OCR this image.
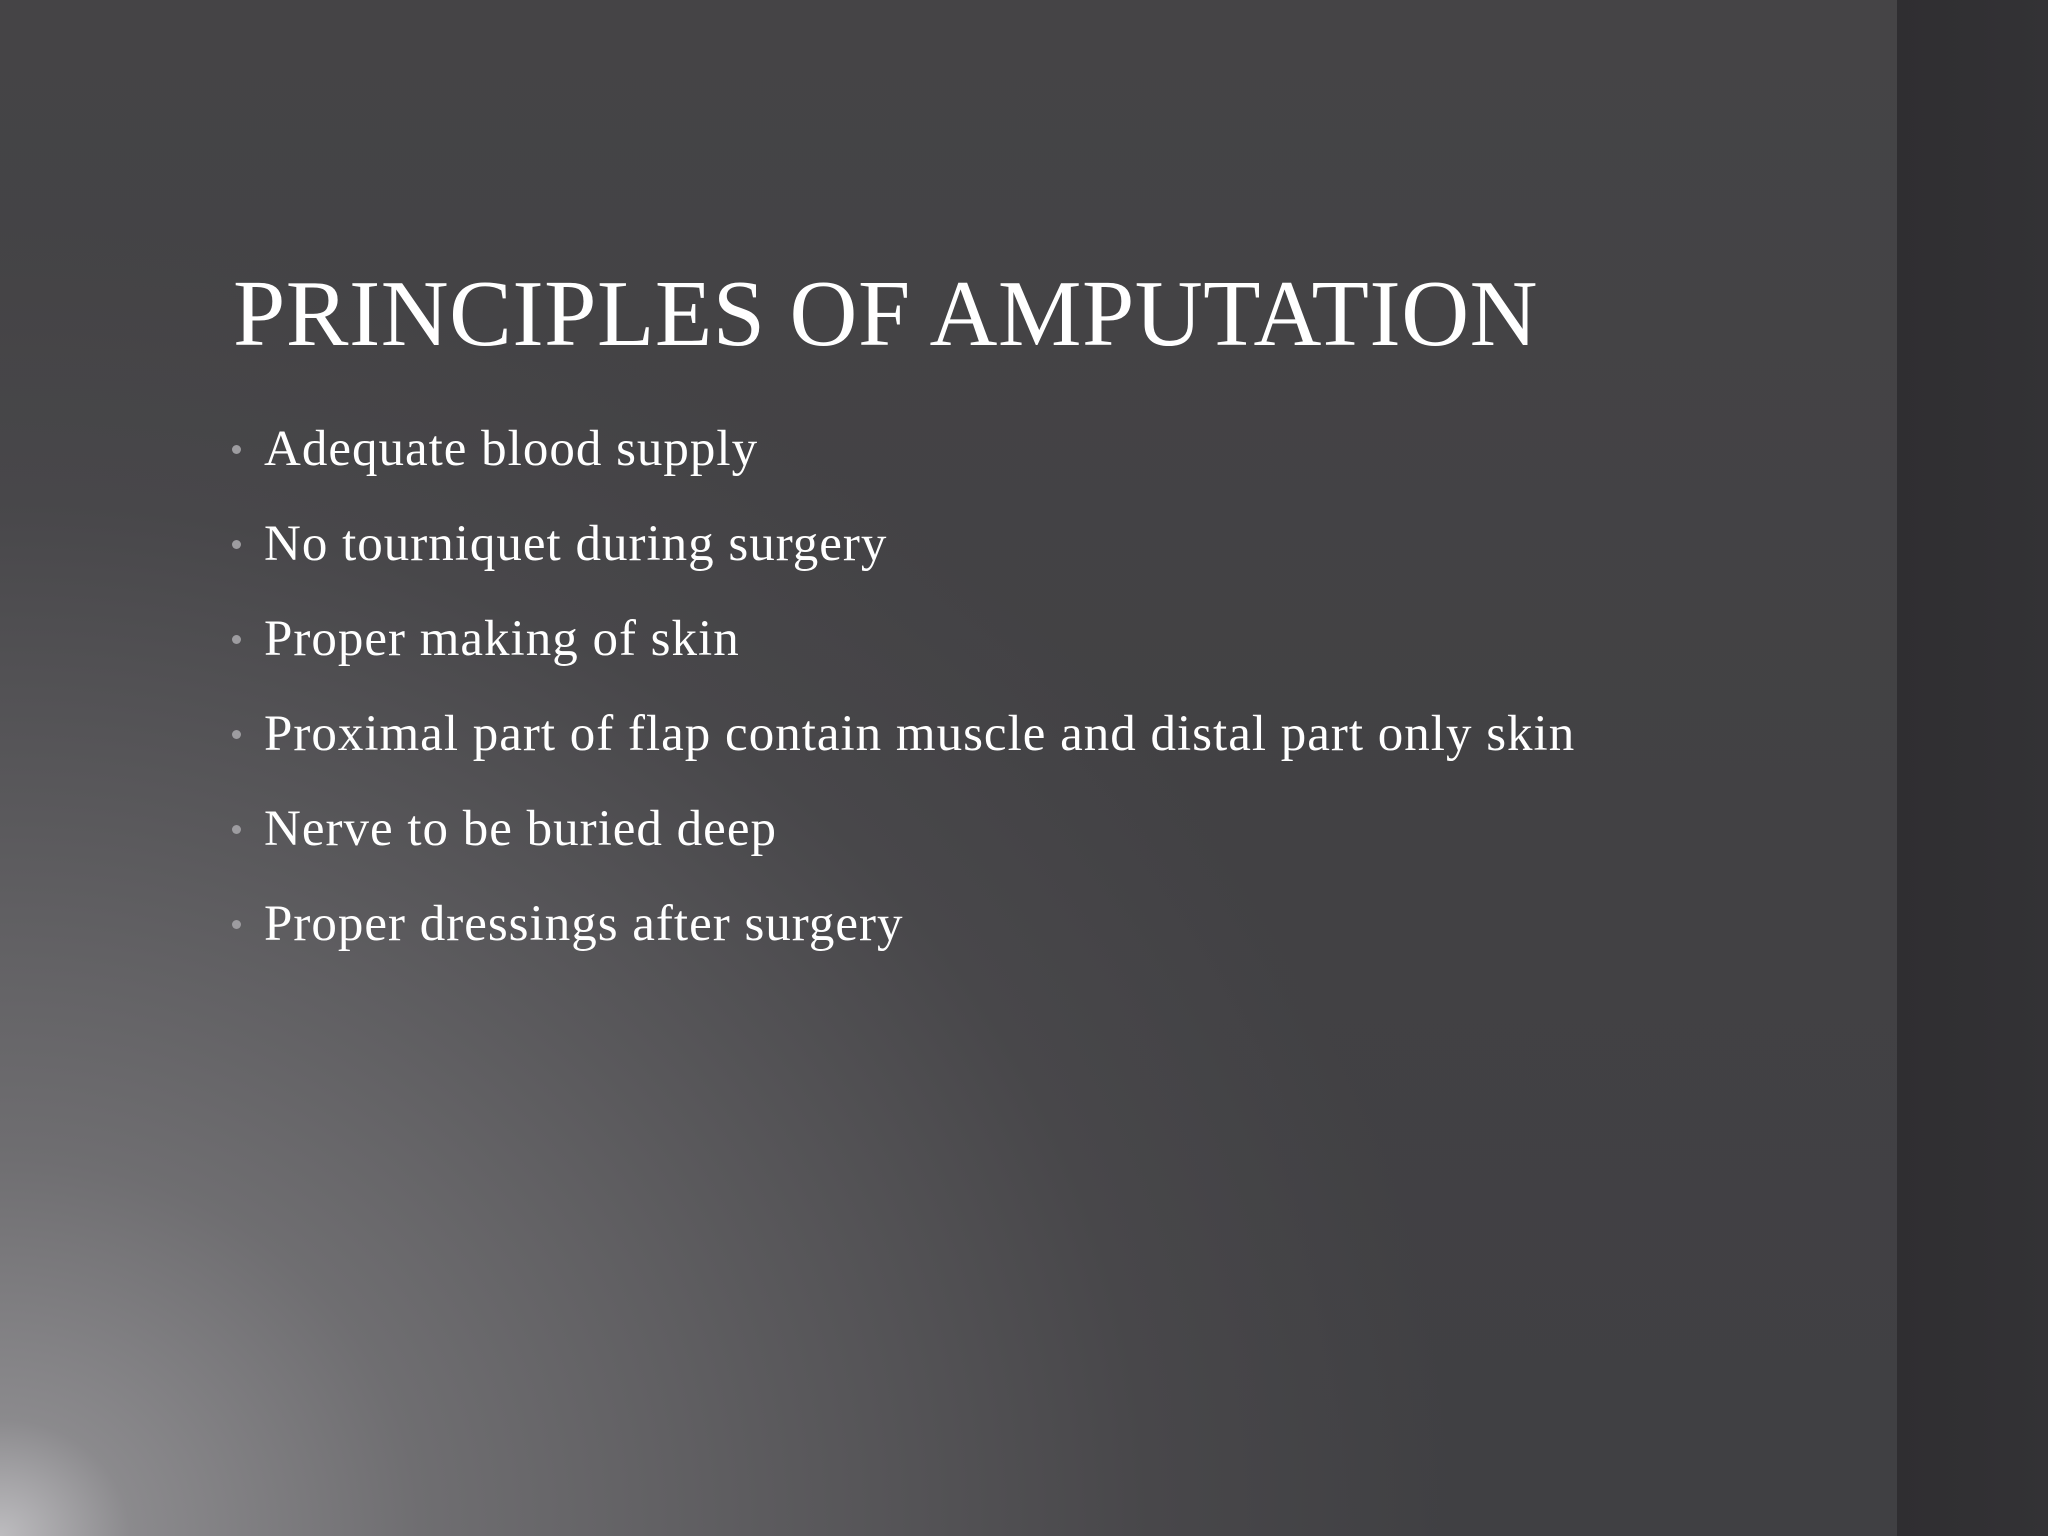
PRINCIPLES OF AMPUTATION
Adequate blood supply
No tourniquet during surgery
Proper making of skin
Proximal part of flap contain muscle and distal part only skin
Nerve to be buried deep
Proper dressings after surgery
